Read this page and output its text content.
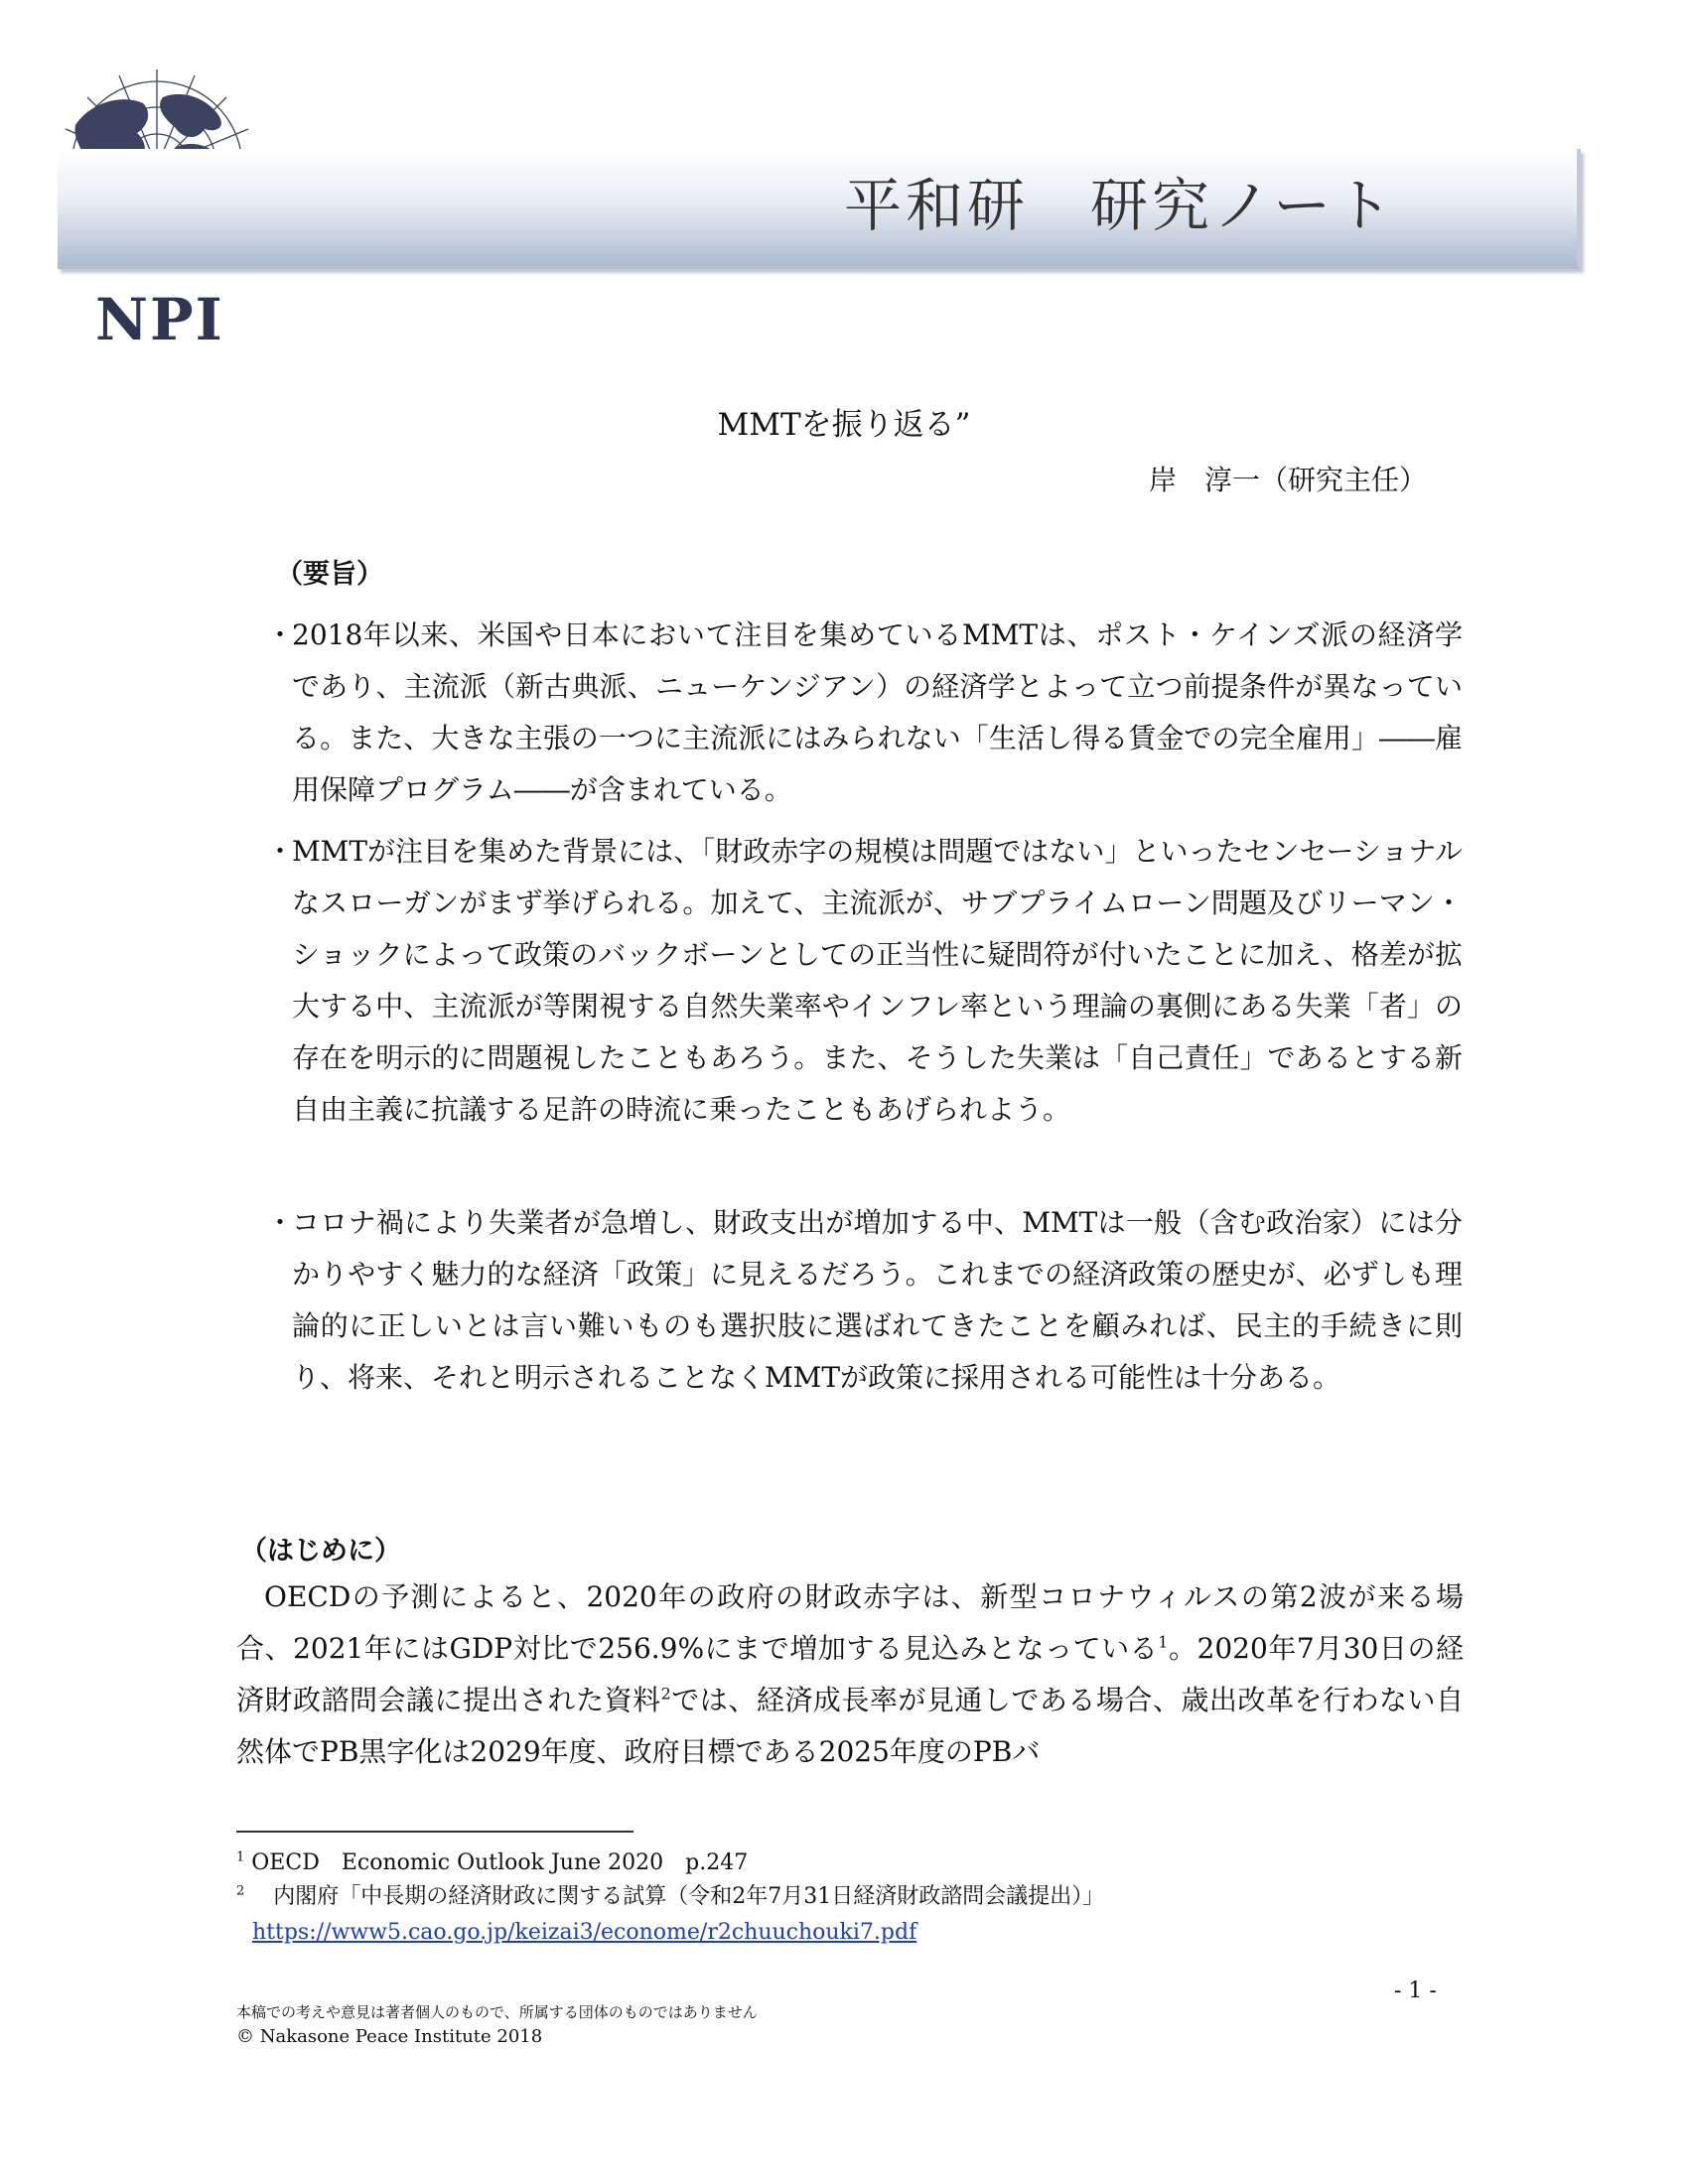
平和研　研究ノート
NPI
MMTを振り返る”
岸　淳一（研究主任）
（要旨）
・
2018年以来、米国や日本において注目を集めているMMTは、ポスト・ケインズ派の経済学であり、主流派（新古典派、ニューケンジアン）の経済学とよって立つ前提条件が異なっている。また、大きな主張の一つに主流派にはみられない「生活し得る賃金での完全雇用」――雇用保障プログラム――が含まれている。
・
MMTが注目を集めた背景には、「財政赤字の規模は問題ではない」といったセンセーショナルなスローガンがまず挙げられる。加えて、主流派が、サブプライムローン問題及びリーマン・ショックによって政策のバックボーンとしての正当性に疑問符が付いたことに加え、格差が拡大する中、主流派が等閑視する自然失業率やインフレ率という理論の裏側にある失業「者」の存在を明示的に問題視したこともあろう。また、そうした失業は「自己責任」であるとする新自由主義に抗議する足許の時流に乗ったこともあげられよう。
・
コロナ禍により失業者が急増し、財政支出が増加する中、MMTは一般（含む政治家）には分かりやすく魅力的な経済「政策」に見えるだろう。これまでの経済政策の歴史が、必ずしも理論的に正しいとは言い難いものも選択肢に選ばれてきたことを顧みれば、民主的手続きに則り、将来、それと明示されることなくMMTが政策に採用される可能性は十分ある。
（はじめに）
OECDの予測によると、2020年の政府の財政赤字は、新型コロナウィルスの第2波が来る場合、2021年にはGDP対比で256.9%にまで増加する見込みとなっている$^1$。2020年7月30日の経済財政諮問会議に提出された資料$^2$では、経済成長率が見通しである場合、歳出改革を行わない自然体でPB黒字化は2029年度、政府目標である2025年度のPBバ
$^1$ OECD　Economic Outlook June 2020　p.247
$^2$ 　内閣府「中長期の経済財政に関する試算（令和2年7月31日経済財政諮問会議提出）」
https://www5.cao.go.jp/keizai3/econome/r2chuuchouki7.pdf
- 1 -
本稿での考えや意見は著者個人のもので、所属する団体のものではありません
© Nakasone Peace Institute 2018
